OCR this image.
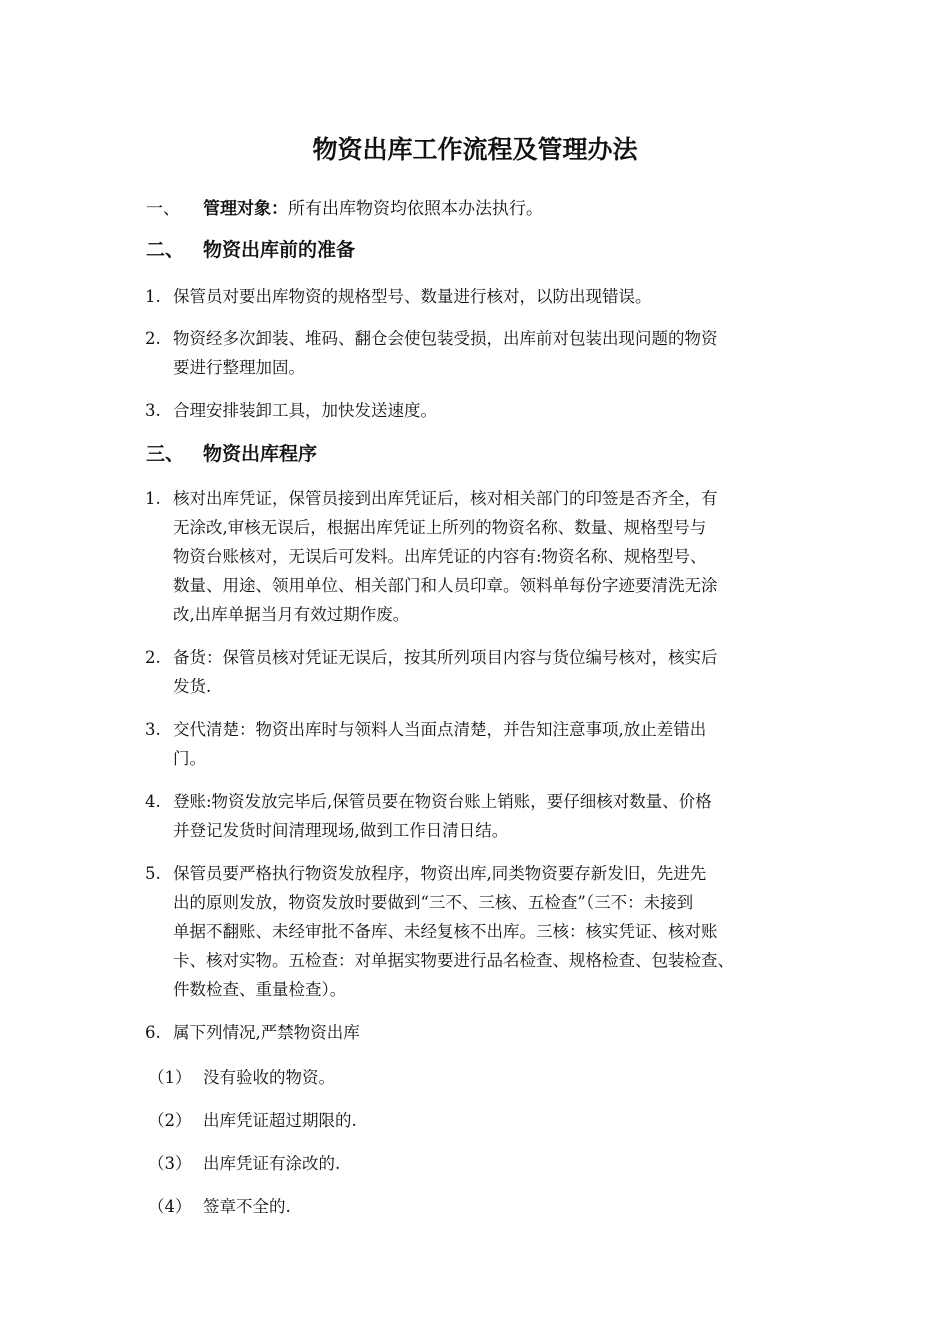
物资出库工作流程及管理办法
一、	管理对象：所有出库物资均依照本办法执行。
二、 物资出库前的准备
1. 保管员对要出库物资的规格型号、数量进行核对，以防出现错误。
2. 物资经多次卸装、堆码、翻仓会使包装受损，出库前对包装出现问题的物资
要进行整理加固。
3. 合理安排装卸工具，加快发送速度。
三、 物资出库程序
1. 核对出库凭证，保管员接到出库凭证后，核对相关部门的印签是否齐全，有
无涂改,审核无误后，根据出库凭证上所列的物资名称、数量、规格型号与
物资台账核对，无误后可发料。出库凭证的内容有:物资名称、规格型号、
数量、用途、领用单位、相关部门和人员印章。领料单每份字迹要清洗无涂
改,出库单据当月有效过期作废。
2. 备货：保管员核对凭证无误后，按其所列项目内容与货位编号核对，核实后
发货.
3. 交代清楚：物资出库时与领料人当面点清楚，并告知注意事项,放止差错出
门。
4. 登账:物资发放完毕后,保管员要在物资台账上销账，要仔细核对数量、价格
并登记发货时间清理现场,做到工作日清日结。
5. 保管员要严格执行物资发放程序，物资出库,同类物资要存新发旧，先进先
出的原则发放，物资发放时要做到“三不、三核、五检查”（三不：未接到
单据不翻账、未经审批不备库、未经复核不出库。三核：核实凭证、核对账
卡、核对实物。五检查：对单据实物要进行品名检查、规格检查、包装检查、
件数检查、重量检查）。
6. 属下列情况,严禁物资出库
（1） 没有验收的物资。
（2） 出库凭证超过期限的.
（3） 出库凭证有涂改的.
（4） 签章不全的.
